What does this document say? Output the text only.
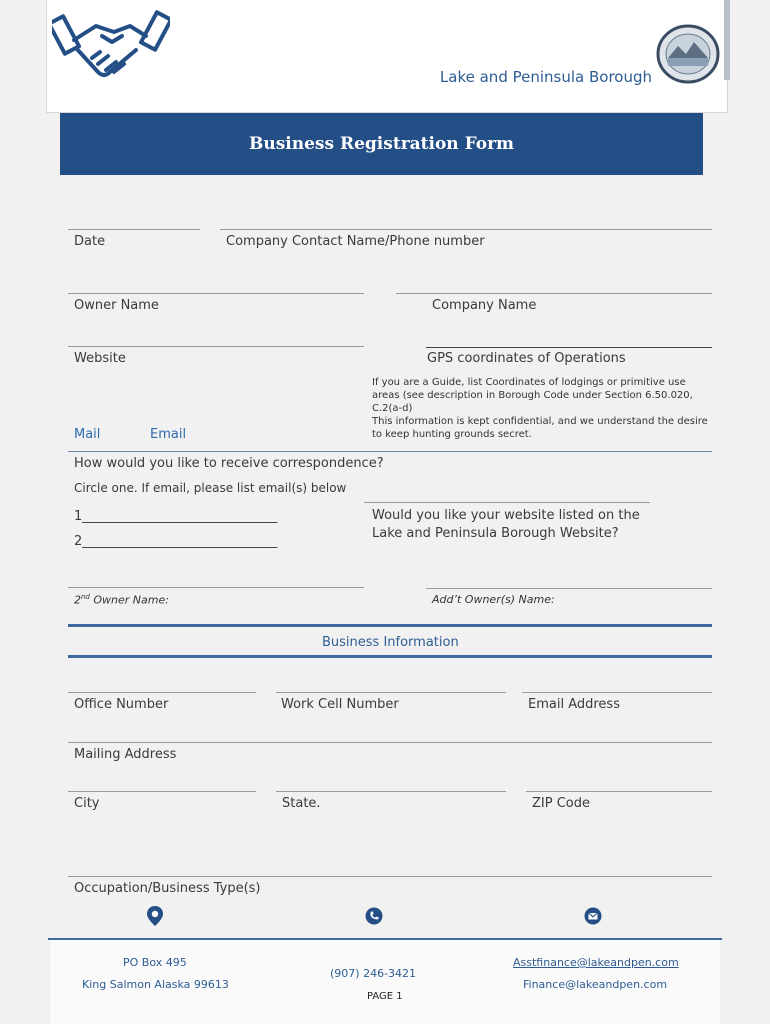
Lake and Peninsula Borough
Business Registration Form
Date	Company Contact Name/Phone number
Owner Name	Company Name
Website	GPS coordinates of Operations
If you are a Guide, list Coordinates of lodgings or primitive use
areas (see description in Borough Code under Section 6.50.020,
C.2(a-d)
This information is kept confidential, and we understand the desire
to keep hunting grounds secret.
Mail	Email
How would you like to receive correspondence?
Circle one. If email, please list email(s) below
1______________________________
2______________________________
Would you like your website listed on the
Lake and Peninsula Borough Website?
2nd Owner Name:	Add’t Owner(s) Name:
Business Information
Office Number	Work Cell Number	Email Address
Mailing Address
City	State.	ZIP Code
Occupation/Business Type(s)
PO Box 495
King Salmon Alaska 99613
(907) 246-3421
PAGE 1
Asstfinance@lakeandpen.com
Finance@lakeandpen.com
